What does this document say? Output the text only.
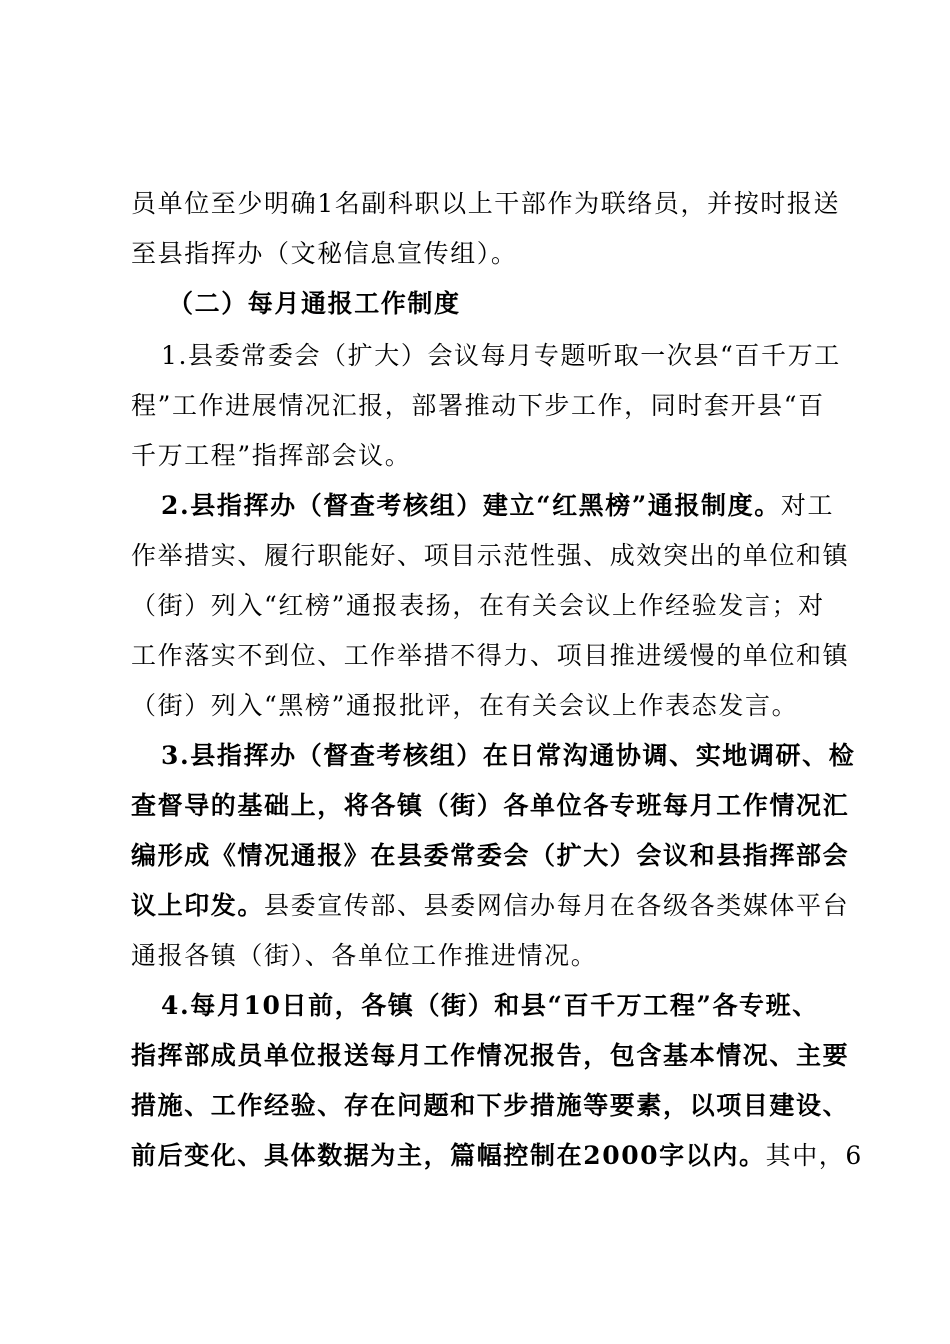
员单位至少明确1名副科职以上干部作为联络员，并按时报送
至县指挥办（文秘信息宣传组）。
（二）每月通报工作制度
1.县委常委会（扩大）会议每月专题听取一次县“百千万工
程”工作进展情况汇报，部署推动下步工作，同时套开县“百
千万工程”指挥部会议。
2.县指挥办（督查考核组）建立“红黑榜”通报制度。对工
作举措实、履行职能好、项目示范性强、成效突出的单位和镇
（街）列入“红榜”通报表扬，在有关会议上作经验发言；对
工作落实不到位、工作举措不得力、项目推进缓慢的单位和镇
（街）列入“黑榜”通报批评，在有关会议上作表态发言。
3.县指挥办（督查考核组）在日常沟通协调、实地调研、检
查督导的基础上，将各镇（街）各单位各专班每月工作情况汇
编形成《情况通报》在县委常委会（扩大）会议和县指挥部会
议上印发。县委宣传部、县委网信办每月在各级各类媒体平台
通报各镇（街）、各单位工作推进情况。
4.每月10日前，各镇（街）和县“百千万工程”各专班、
指挥部成员单位报送每月工作情况报告，包含基本情况、主要
措施、工作经验、存在问题和下步措施等要素，以项目建设、
前后变化、具体数据为主，篇幅控制在2000字以内。其中，6
